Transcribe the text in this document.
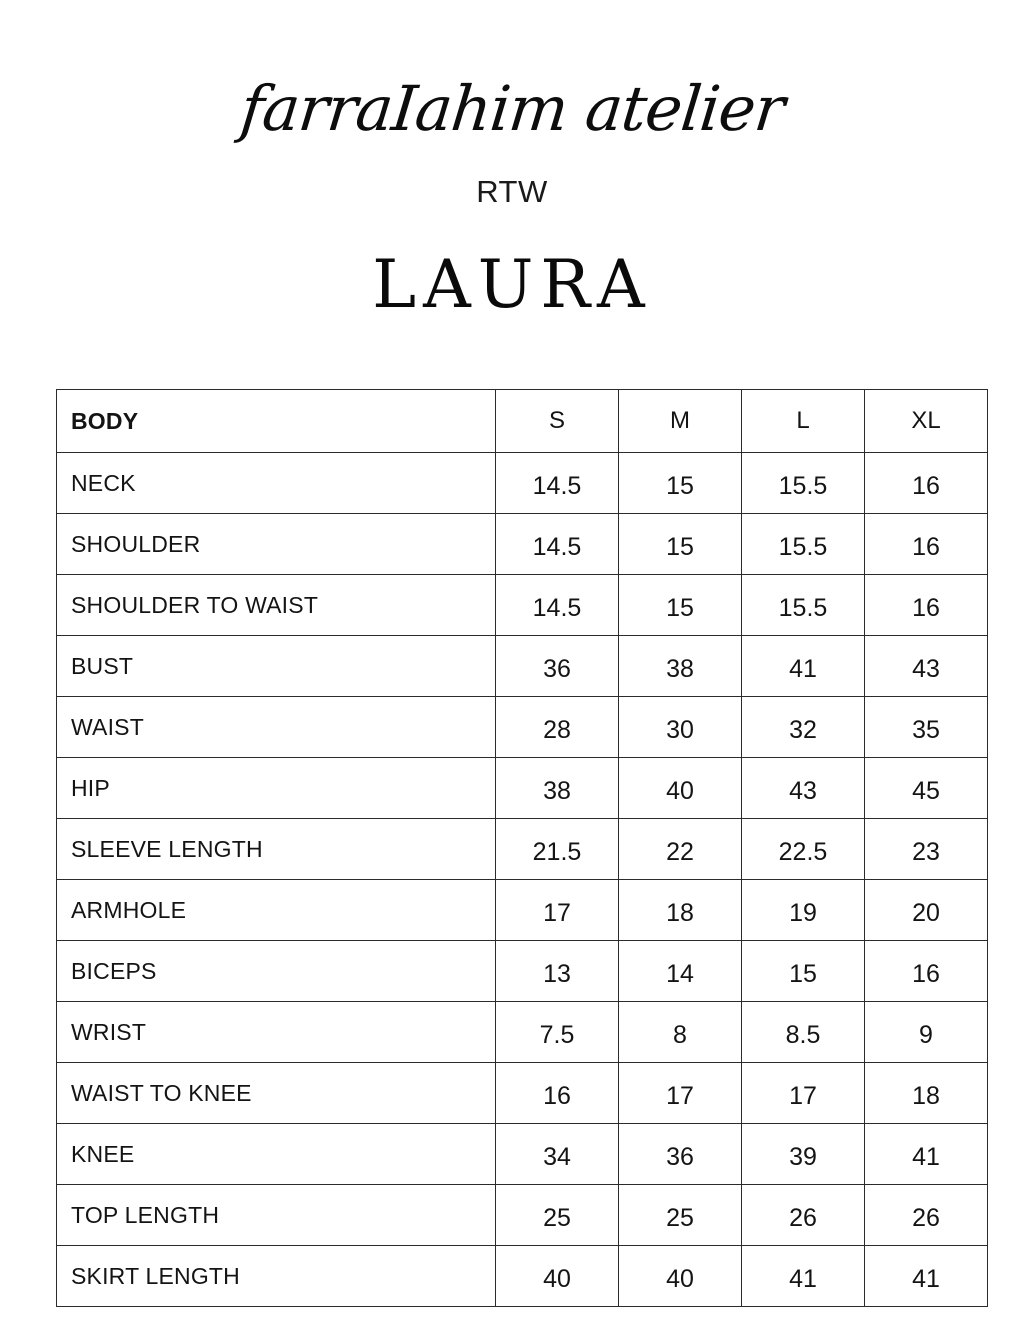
farraIahim atelier
RTW
LAURA
BODY	S	M	L	XL
NECK	14.5	15	15.5	16
SHOULDER	14.5	15	15.5	16
SHOULDER TO WAIST	14.5	15	15.5	16
BUST	36	38	41	43
WAIST	28	30	32	35
HIP	38	40	43	45
SLEEVE LENGTH	21.5	22	22.5	23
ARMHOLE	17	18	19	20
BICEPS	13	14	15	16
WRIST	7.5	8	8.5	9
WAIST TO KNEE	16	17	17	18
KNEE	34	36	39	41
TOP LENGTH	25	25	26	26
SKIRT LENGTH	40	40	41	41
